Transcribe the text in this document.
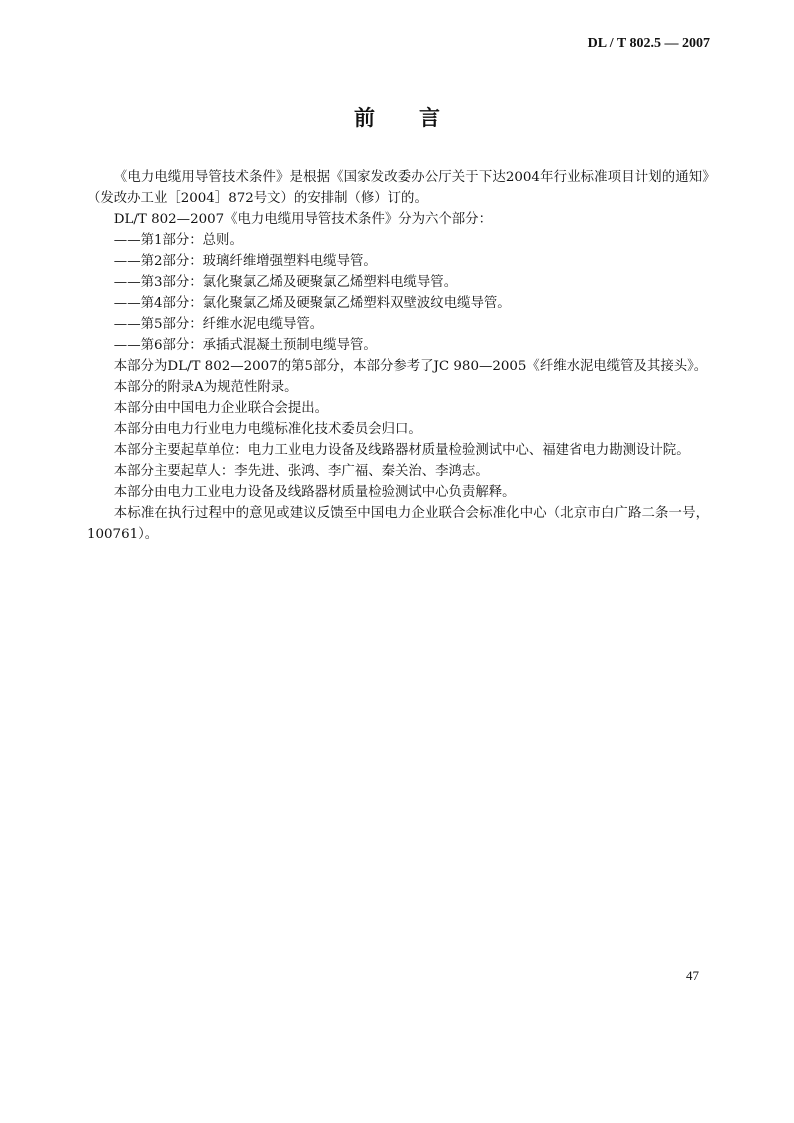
DL / T 802.5 — 2007
前 言

《电力电缆用导管技术条件》是根据《国家发改委办公厅关于下达2004年行业标准项目计划的通知》（发改办工业［2004］872号文）的安排制（修）订的。

DL/T 802—2007《电力电缆用导管技术条件》分为六个部分：

——第1部分：总则。

——第2部分：玻璃纤维增强塑料电缆导管。

——第3部分：氯化聚氯乙烯及硬聚氯乙烯塑料电缆导管。

——第4部分：氯化聚氯乙烯及硬聚氯乙烯塑料双壁波纹电缆导管。

——第5部分：纤维水泥电缆导管。

——第6部分：承插式混凝土预制电缆导管。

本部分为DL/T 802—2007的第5部分，本部分参考了JC 980—2005《纤维水泥电缆管及其接头》。

本部分的附录A为规范性附录。

本部分由中国电力企业联合会提出。

本部分由电力行业电力电缆标准化技术委员会归口。

本部分主要起草单位：电力工业电力设备及线路器材质量检验测试中心、福建省电力勘测设计院。

本部分主要起草人：李先进、张鸿、李广福、秦关治、李鸿志。

本部分由电力工业电力设备及线路器材质量检验测试中心负责解释。

本标准在执行过程中的意见或建议反馈至中国电力企业联合会标准化中心（北京市白广路二条一号，100761）。

47
